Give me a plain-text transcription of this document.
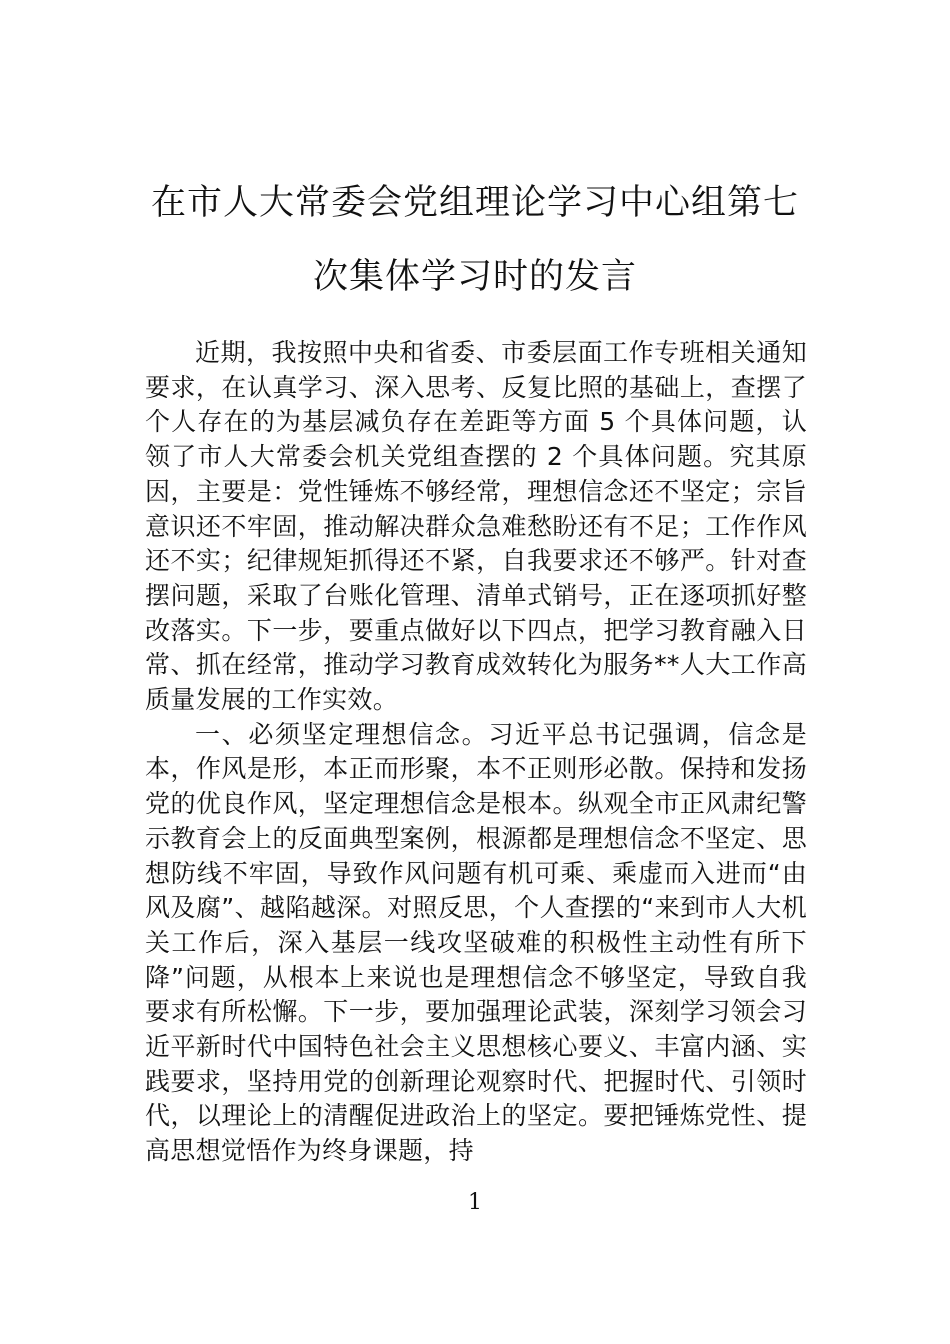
在市人大常委会党组理论学习中心组第七
次集体学习时的发言

近期，我按照中央和省委、市委层面工作专班相关通知要求，在认真学习、深入思考、反复比照的基础上，查摆了个人存在的为基层减负存在差距等方面 5 个具体问题，认领了市人大常委会机关党组查摆的 2 个具体问题。究其原因，主要是：党性锤炼不够经常，理想信念还不坚定；宗旨意识还不牢固，推动解决群众急难愁盼还有不足；工作作风还不实；纪律规矩抓得还不紧，自我要求还不够严。针对查摆问题，采取了台账化管理、清单式销号，正在逐项抓好整改落实。下一步，要重点做好以下四点，把学习教育融入日常、抓在经常，推动学习教育成效转化为服务**人大工作高质量发展的工作实效。

一、必须坚定理想信念。习近平总书记强调，信念是本，作风是形，本正而形聚，本不正则形必散。保持和发扬党的优良作风，坚定理想信念是根本。纵观全市正风肃纪警示教育会上的反面典型案例，根源都是理想信念不坚定、思想防线不牢固，导致作风问题有机可乘、乘虚而入进而“由风及腐”、越陷越深。对照反思，个人查摆的“来到市人大机关工作后，深入基层一线攻坚破难的积极性主动性有所下降”问题，从根本上来说也是理想信念不够坚定，导致自我要求有所松懈。下一步，要加强理论武装，深刻学习领会习近平新时代中国特色社会主义思想核心要义、丰富内涵、实践要求，坚持用党的创新理论观察时代、把握时代、引领时代，以理论上的清醒促进政治上的坚定。要把锤炼党性、提高思想觉悟作为终身课题，持

1
